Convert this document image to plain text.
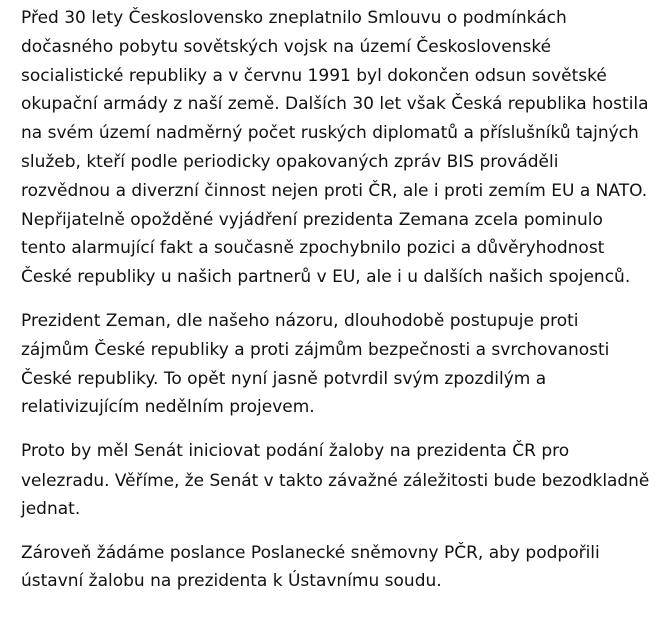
Před 30 lety Československo zneplatnilo Smlouvu o podmínkách
dočasného pobytu sovětských vojsk na území Československé
socialistické republiky a v červnu 1991 byl dokončen odsun sovětské
okupační armády z naší země. Dalších 30 let však Česká republika hostila
na svém území nadměrný počet ruských diplomatů a příslušníků tajných
služeb, kteří podle periodicky opakovaných zpráv BIS prováděli
rozvědnou a diverzní činnost nejen proti ČR, ale i proti zemím EU a NATO.
Nepřijatelně opožděné vyjádření prezidenta Zemana zcela pominulo
tento alarmující fakt a současně zpochybnilo pozici a důvěryhodnost
České republiky u našich partnerů v EU, ale i u dalších našich spojenců.

Prezident Zeman, dle našeho názoru, dlouhodobě postupuje proti
zájmům České republiky a proti zájmům bezpečnosti a svrchovanosti
České republiky. To opět nyní jasně potvrdil svým zpozdilým a
relativizujícím nedělním projevem.

Proto by měl Senát iniciovat podání žaloby na prezidenta ČR pro
velezradu. Věříme, že Senát v takto závažné záležitosti bude bezodkladně
jednat.

Zároveň žádáme poslance Poslanecké sněmovny PČR, aby podpořili
ústavní žalobu na prezidenta k Ústavnímu soudu.
